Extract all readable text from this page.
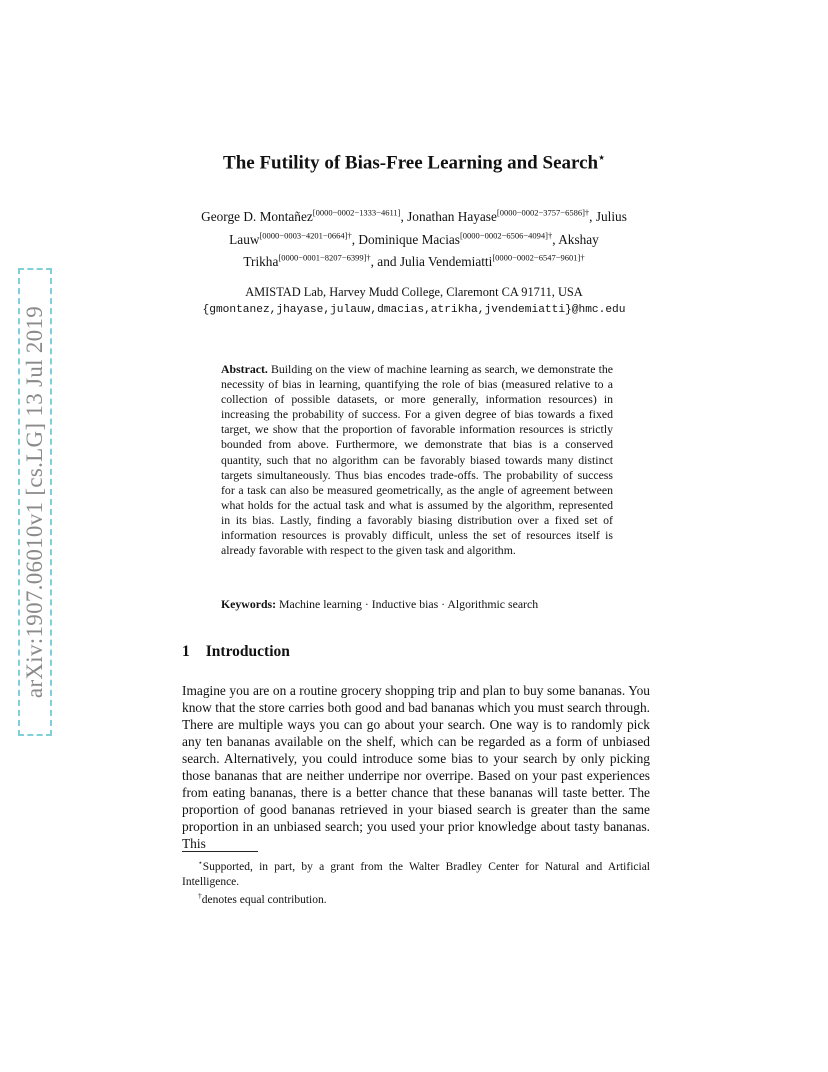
arXiv:1907.06010v1 [cs.LG] 13 Jul 2019
The Futility of Bias-Free Learning and Search⋆
George D. Montañez[0000−0002−1333−4611], Jonathan Hayase$^{[0000-0002-3757-6586]\dagger}$, Julius Lauw$^{[0000-0003-4201-0664]\dagger}$, Dominique Macias$^{[0000-0002-6506-4094]\dagger}$, Akshay Trikha$^{[0000-0001-8207-6399]\dagger}$, and Julia Vendemiatti$^{[0000-0002-6547-9601]\dagger}$
AMISTAD Lab, Harvey Mudd College, Claremont CA 91711, USA
{gmontanez,jhayase,julauw,dmacias,atrikha,jvendemiatti}@hmc.edu
Abstract. Building on the view of machine learning as search, we demonstrate the necessity of bias in learning, quantifying the role of bias (measured relative to a collection of possible datasets, or more generally, information resources) in increasing the probability of success. For a given degree of bias towards a fixed target, we show that the proportion of favorable information resources is strictly bounded from above. Furthermore, we demonstrate that bias is a conserved quantity, such that no algorithm can be favorably biased towards many distinct targets simultaneously. Thus bias encodes trade-offs. The probability of success for a task can also be measured geometrically, as the angle of agreement between what holds for the actual task and what is assumed by the algorithm, represented in its bias. Lastly, finding a favorably biasing distribution over a fixed set of information resources is provably difficult, unless the set of resources itself is already favorable with respect to the given task and algorithm.
Keywords: Machine learning · Inductive bias · Algorithmic search
1 Introduction
Imagine you are on a routine grocery shopping trip and plan to buy some bananas. You know that the store carries both good and bad bananas which you must search through. There are multiple ways you can go about your search. One way is to randomly pick any ten bananas available on the shelf, which can be regarded as a form of unbiased search. Alternatively, you could introduce some bias to your search by only picking those bananas that are neither underripe nor overripe. Based on your past experiences from eating bananas, there is a better chance that these bananas will taste better. The proportion of good bananas retrieved in your biased search is greater than the same proportion in an unbiased search; you used your prior knowledge about tasty bananas. This
⋆Supported, in part, by a grant from the Walter Bradley Center for Natural and Artificial Intelligence.
†denotes equal contribution.
